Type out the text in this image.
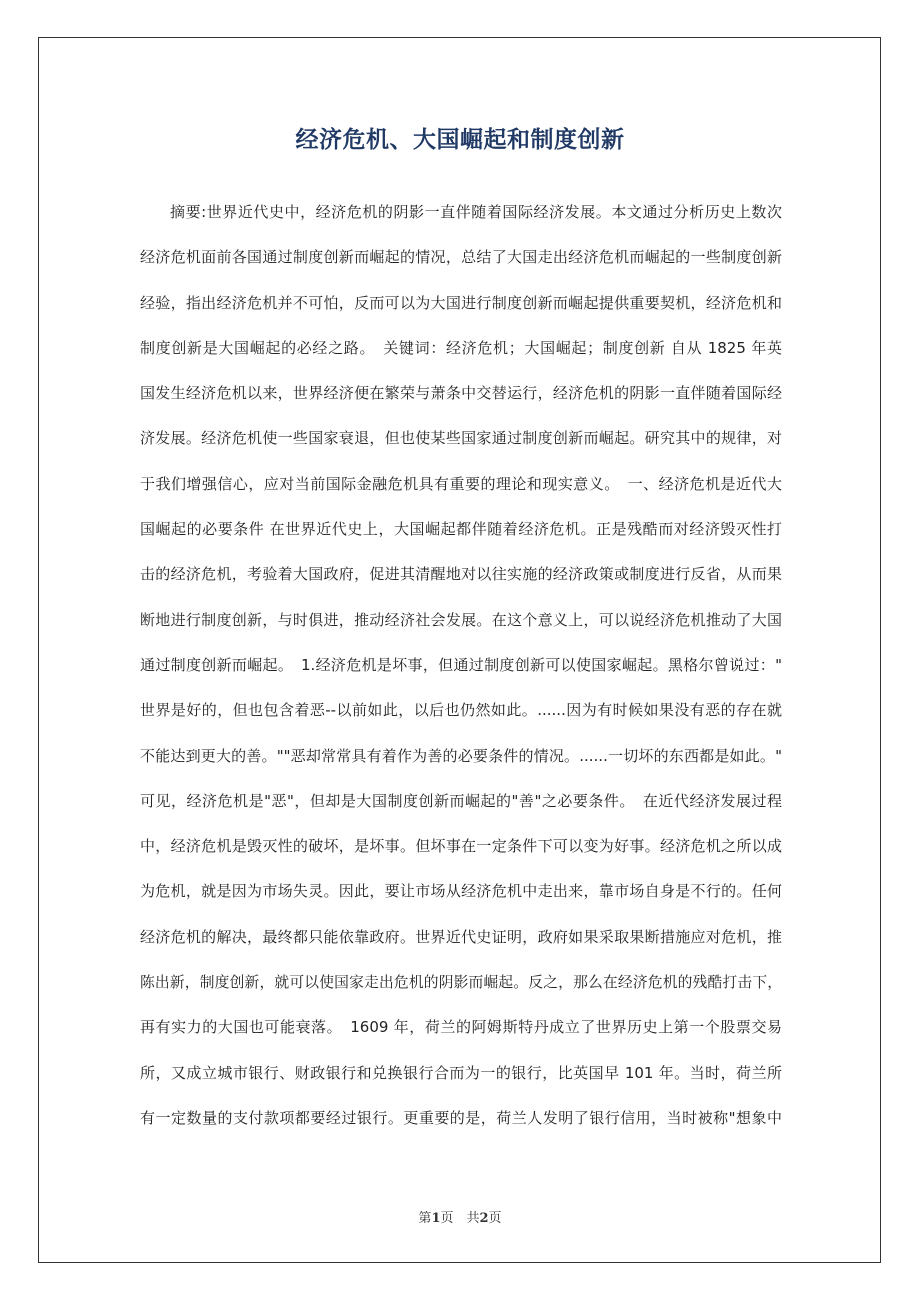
经济危机、大国崛起和制度创新
摘要:世界近代史中，经济危机的阴影一直伴随着国际经济发展。本文通过分析历史上数次
经济危机面前各国通过制度创新而崛起的情况，总结了大国走出经济危机而崛起的一些制度创新
经验，指出经济危机并不可怕，反而可以为大国进行制度创新而崛起提供重要契机，经济危机和
制度创新是大国崛起的必经之路。　关键词：经济危机；大国崛起；制度创新 自从 1825 年英
国发生经济危机以来，世界经济便在繁荣与萧条中交替运行，经济危机的阴影一直伴随着国际经
济发展。经济危机使一些国家衰退，但也使某些国家通过制度创新而崛起。研究其中的规律，对
于我们增强信心，应对当前国际金融危机具有重要的理论和现实意义。　一、经济危机是近代大
国崛起的必要条件 在世界近代史上，大国崛起都伴随着经济危机。正是残酷而对经济毁灭性打
击的经济危机，考验着大国政府，促进其清醒地对以往实施的经济政策或制度进行反省，从而果
断地进行制度创新，与时俱进，推动经济社会发展。在这个意义上，可以说经济危机推动了大国
通过制度创新而崛起。　1.经济危机是坏事，但通过制度创新可以使国家崛起。黑格尔曾说过："
世界是好的，但也包含着恶--以前如此，以后也仍然如此。......因为有时候如果没有恶的存在就
不能达到更大的善。""恶却常常具有着作为善的必要条件的情况。......一切坏的东西都是如此。"
可见，经济危机是"恶"，但却是大国制度创新而崛起的"善"之必要条件。　在近代经济发展过程
中，经济危机是毁灭性的破坏，是坏事。但坏事在一定条件下可以变为好事。经济危机之所以成
为危机，就是因为市场失灵。因此，要让市场从经济危机中走出来，靠市场自身是不行的。任何
经济危机的解决，最终都只能依靠政府。世界近代史证明，政府如果采取果断措施应对危机，推
陈出新，制度创新，就可以使国家走出危机的阴影而崛起。反之，那么在经济危机的残酷打击下，
再有实力的大国也可能衰落。　1609 年，荷兰的阿姆斯特丹成立了世界历史上第一个股票交易
所，又成立城市银行、财政银行和兑换银行合而为一的银行，比英国早 101 年。当时，荷兰所
有一定数量的支付款项都要经过银行。更重要的是，荷兰人发明了银行信用，当时被称"想象中
第1页　共2页
